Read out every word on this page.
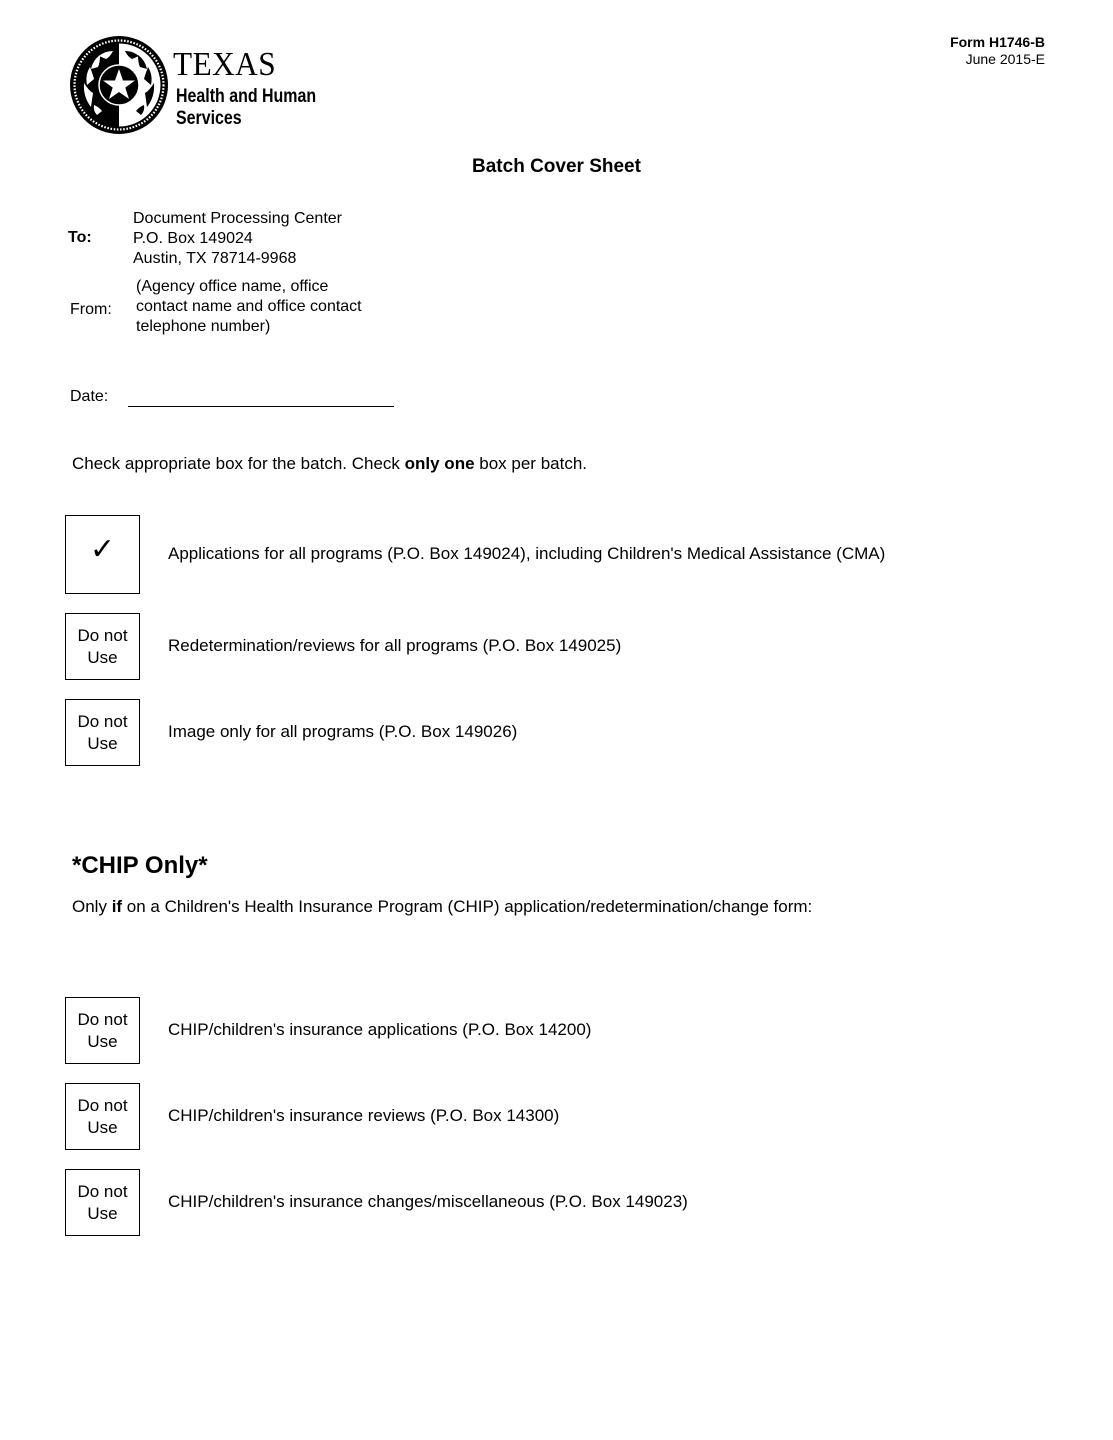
TEXAS
Health and Human
Services
Form H1746-B
June 2015-E
Batch Cover Sheet
To:
Document Processing Center
P.O. Box 149024
Austin, TX 78714-9968
From:
(Agency office name, office
contact name and office contact
telephone number)
Date:
Check appropriate box for the batch. Check only one box per batch.
✓	Applications for all programs (P.O. Box 149024), including Children's Medical Assistance (CMA)
Do not
Use
Redetermination/reviews for all programs (P.O. Box 149025)
Do not
Use
Image only for all programs (P.O. Box 149026)
*CHIP Only*
Only if on a Children's Health Insurance Program (CHIP) application/redetermination/change form:
Do not
Use
CHIP/children's insurance applications (P.O. Box 14200)
Do not
Use
CHIP/children's insurance reviews (P.O. Box 14300)
Do not
Use
CHIP/children's insurance changes/miscellaneous (P.O. Box 149023)
